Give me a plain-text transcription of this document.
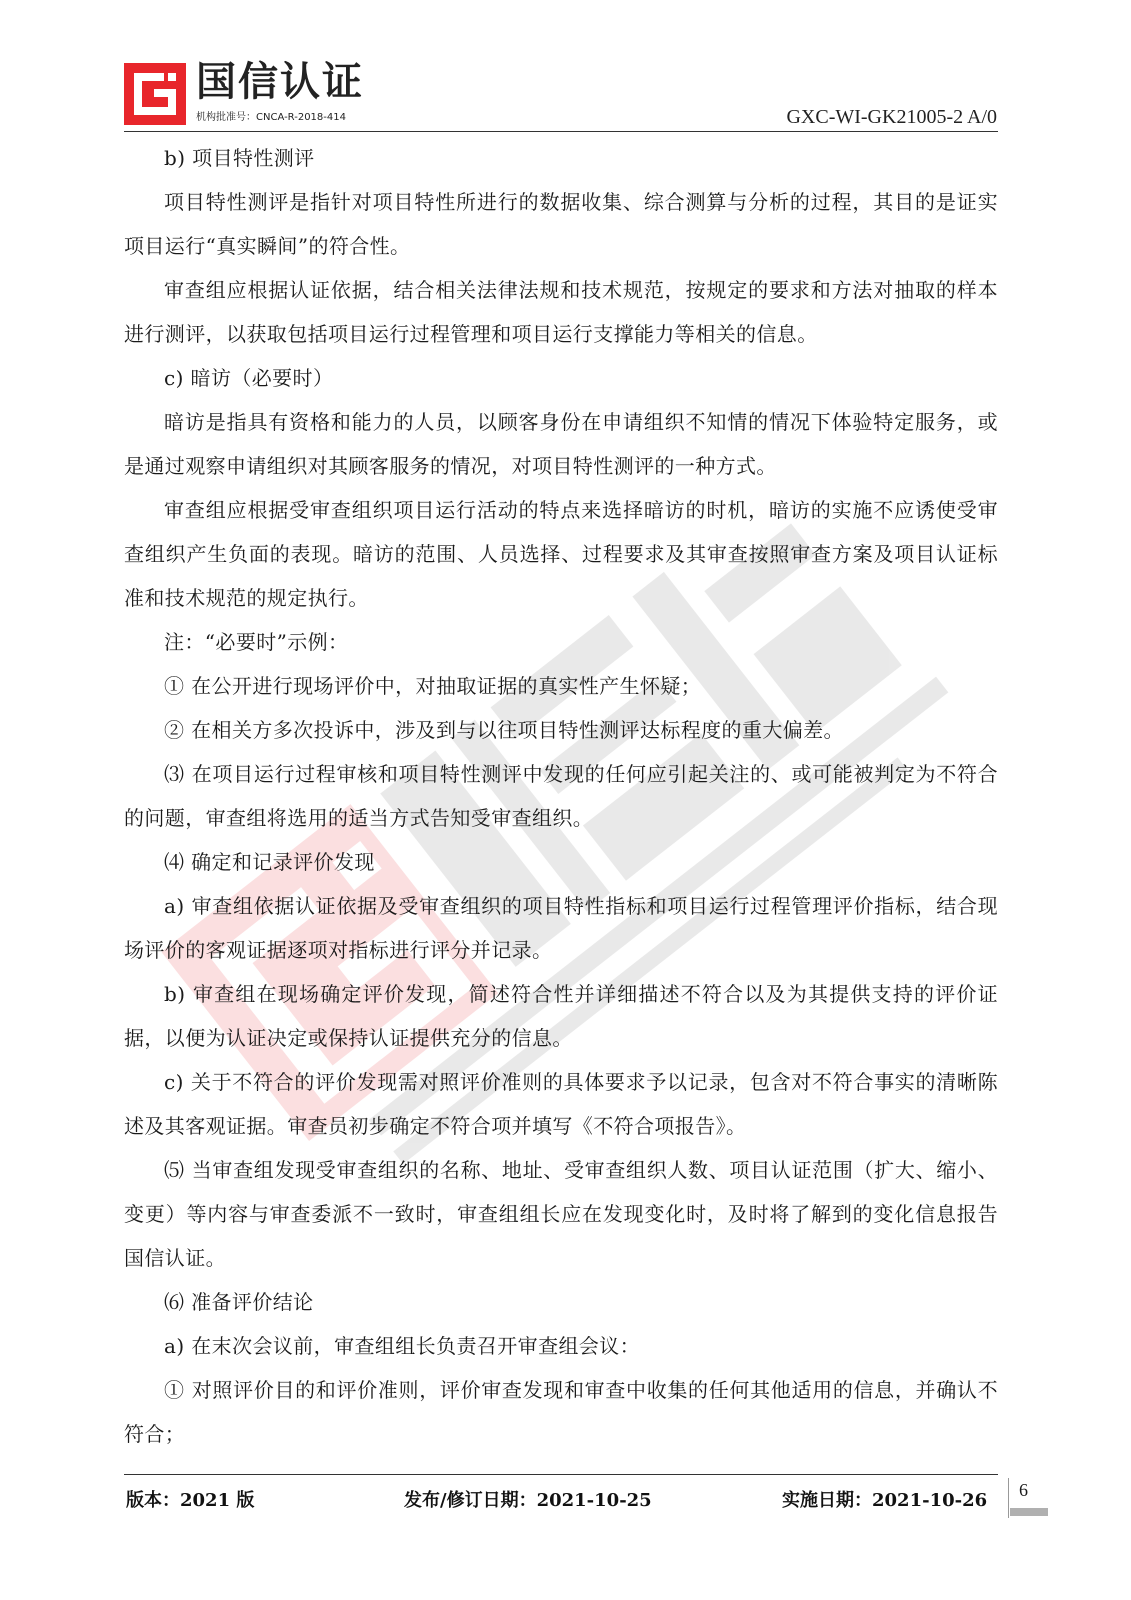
国信认证
机构批准号：CNCA-R-2018-414	GXC-WI-GK21005-2 A/0

b) 项目特性测评

项目特性测评是指针对项目特性所进行的数据收集、综合测算与分析的过程，其目的是证实项目运行“真实瞬间”的符合性。

审查组应根据认证依据，结合相关法律法规和技术规范，按规定的要求和方法对抽取的样本进行测评，以获取包括项目运行过程管理和项目运行支撑能力等相关的信息。

c) 暗访（必要时）

暗访是指具有资格和能力的人员，以顾客身份在申请组织不知情的情况下体验特定服务，或是通过观察申请组织对其顾客服务的情况，对项目特性测评的一种方式。

审查组应根据受审查组织项目运行活动的特点来选择暗访的时机，暗访的实施不应诱使受审查组织产生负面的表现。暗访的范围、人员选择、过程要求及其审查按照审查方案及项目认证标准和技术规范的规定执行。

注：“必要时”示例：

① 在公开进行现场评价中，对抽取证据的真实性产生怀疑；

② 在相关方多次投诉中，涉及到与以往项目特性测评达标程度的重大偏差。

⑶ 在项目运行过程审核和项目特性测评中发现的任何应引起关注的、或可能被判定为不符合的问题，审查组将选用的适当方式告知受审查组织。

⑷ 确定和记录评价发现

a) 审查组依据认证依据及受审查组织的项目特性指标和项目运行过程管理评价指标，结合现场评价的客观证据逐项对指标进行评分并记录。

b) 审查组在现场确定评价发现，简述符合性并详细描述不符合以及为其提供支持的评价证据，以便为认证决定或保持认证提供充分的信息。

c) 关于不符合的评价发现需对照评价准则的具体要求予以记录，包含对不符合事实的清晰陈述及其客观证据。审查员初步确定不符合项并填写《不符合项报告》。

⑸ 当审查组发现受审查组织的名称、地址、受审查组织人数、项目认证范围（扩大、缩小、变更）等内容与审查委派不一致时，审查组组长应在发现变化时，及时将了解到的变化信息报告国信认证。

⑹ 准备评价结论

a) 在末次会议前，审查组组长负责召开审查组会议：

① 对照评价目的和评价准则，评价审查发现和审查中收集的任何其他适用的信息，并确认不符合；

版本：2021 版	发布/修订日期：2021-10-25	实施日期：2021-10-26 6
